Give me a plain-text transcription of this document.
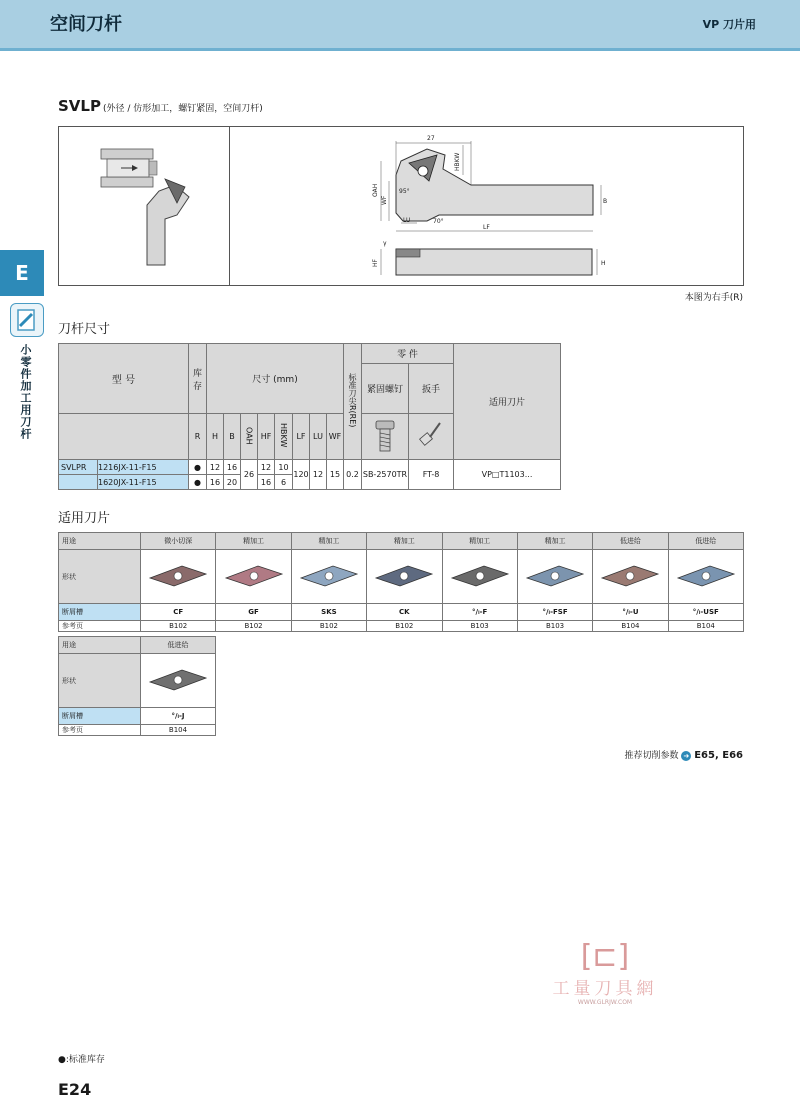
空间刀杆	VP 刀片用
E
小零件加工用刀杆
SVLP (外径 / 仿形加工，螺钉紧固，空间刀杆)
27
HBKW
OAH
WF
95°
LU	70°
LF
B
HF	H
γ
本图为右手(R)
刀杆尺寸
型 号		库存	尺寸 (mm)								标准刀尖R(RE)	零 件		适用刀片
												紧固螺钉	扳手	
		R	H	B	OAH	HF	HBKW	LF	LU	WF		
SVLPR	1216JX-11-F15	●	12	16	26	12	10	120	12	15	0.2	SB-2570TR	FT-8	VP□T1103...
	1620JX-11-F15	●	16	20		16	6							
适用刀片
用途	微小切深	精加工	精加工	精加工	精加工	精加工	低进给	低进给
形状								
断屑槽	CF	GF	SKS	CK	°/ₗ-F	°/ₗ-FSF	°/ₗ-U	°/ₗ-USF
参考页	B102	B102	B102	B102	B103	B103	B104	B104
用途	低进给
形状	
断屑槽	°/ₗ-J
参考页	B104
推荐切削参数 ➜ E65, E66
[⊏]
工量刀具網
WWW.GLRJW.COM
●:标准库存
E24
